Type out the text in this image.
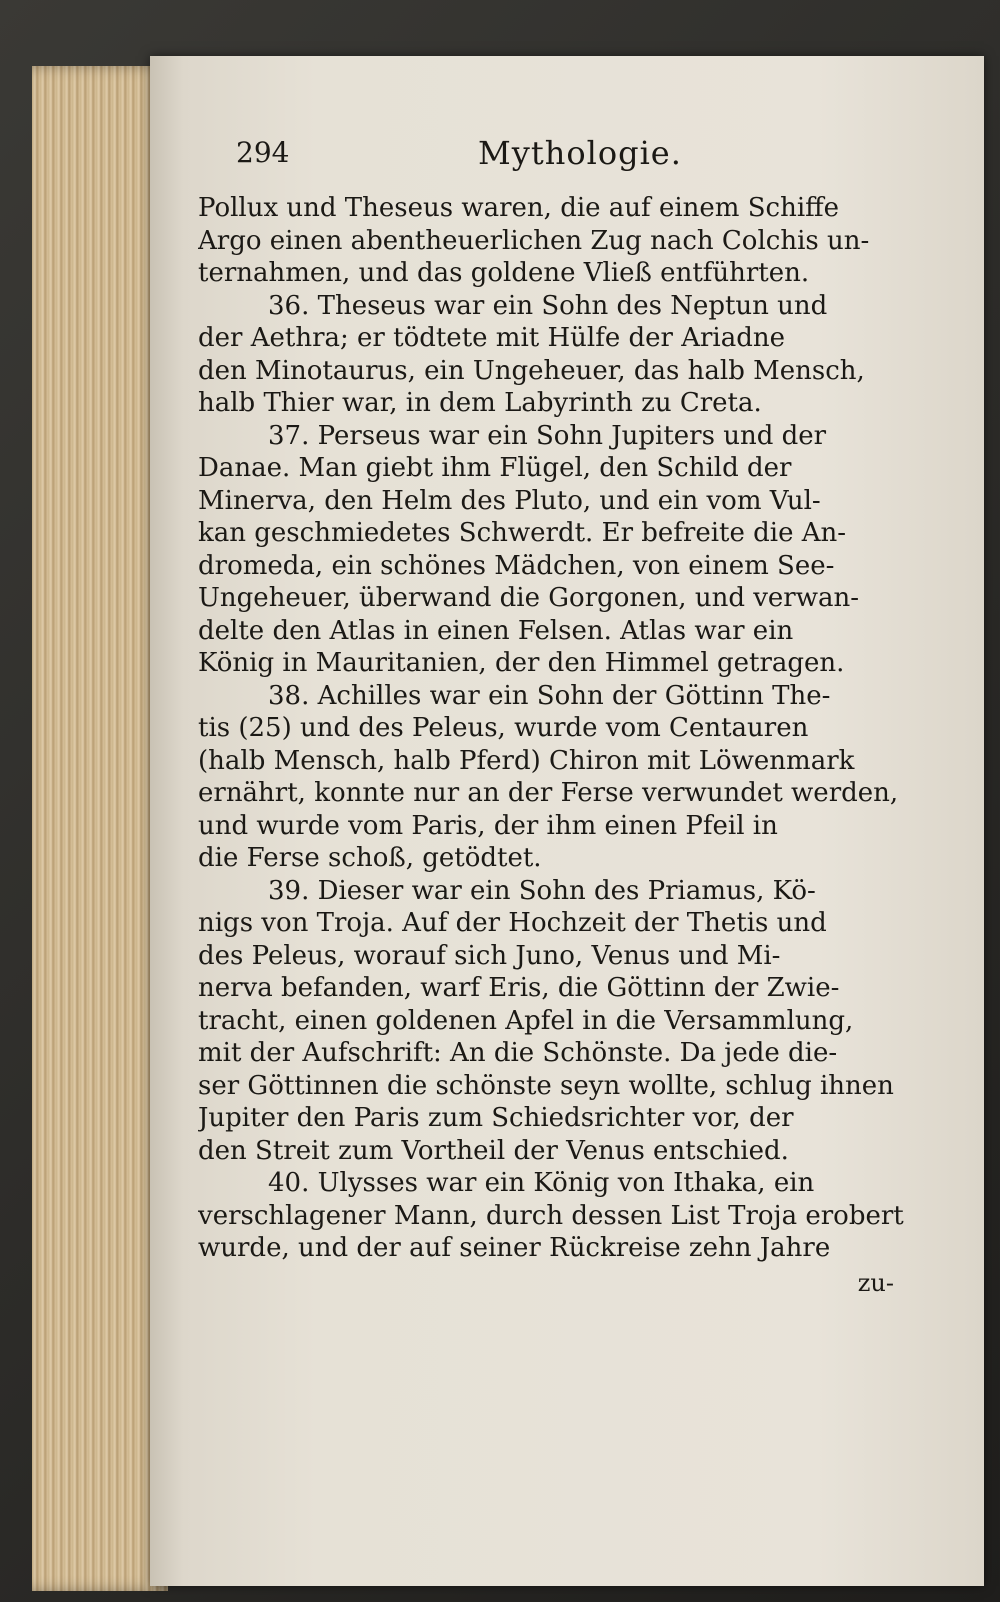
294	Mythologie.
Pollux und Theseus waren, die auf einem Schiffe
Argo einen abentheuerlichen Zug nach Colchis un-
ternahmen, und das goldene Vließ entführten.
36. Theseus war ein Sohn des Neptun und
der Aethra; er tödtete mit Hülfe der Ariadne
den Minotaurus, ein Ungeheuer, das halb Mensch,
halb Thier war, in dem Labyrinth zu Creta.
37. Perseus war ein Sohn Jupiters und der
Danae. Man giebt ihm Flügel, den Schild der
Minerva, den Helm des Pluto, und ein vom Vul-
kan geschmiedetes Schwerdt. Er befreite die An-
dromeda, ein schönes Mädchen, von einem See-
Ungeheuer, überwand die Gorgonen, und verwan-
delte den Atlas in einen Felsen. Atlas war ein
König in Mauritanien, der den Himmel getragen.
38. Achilles war ein Sohn der Göttinn The-
tis (25) und des Peleus, wurde vom Centauren
(halb Mensch, halb Pferd) Chiron mit Löwenmark
ernährt, konnte nur an der Ferse verwundet werden,
und wurde vom Paris, der ihm einen Pfeil in
die Ferse schoß, getödtet.
39. Dieser war ein Sohn des Priamus, Kö-
nigs von Troja. Auf der Hochzeit der Thetis und
des Peleus, worauf sich Juno, Venus und Mi-
nerva befanden, warf Eris, die Göttinn der Zwie-
tracht, einen goldenen Apfel in die Versammlung,
mit der Aufschrift: An die Schönste. Da jede die-
ser Göttinnen die schönste seyn wollte, schlug ihnen
Jupiter den Paris zum Schiedsrichter vor, der
den Streit zum Vortheil der Venus entschied.
40. Ulysses war ein König von Ithaka, ein
verschlagener Mann, durch dessen List Troja erobert
wurde, und der auf seiner Rückreise zehn Jahre
zu-
